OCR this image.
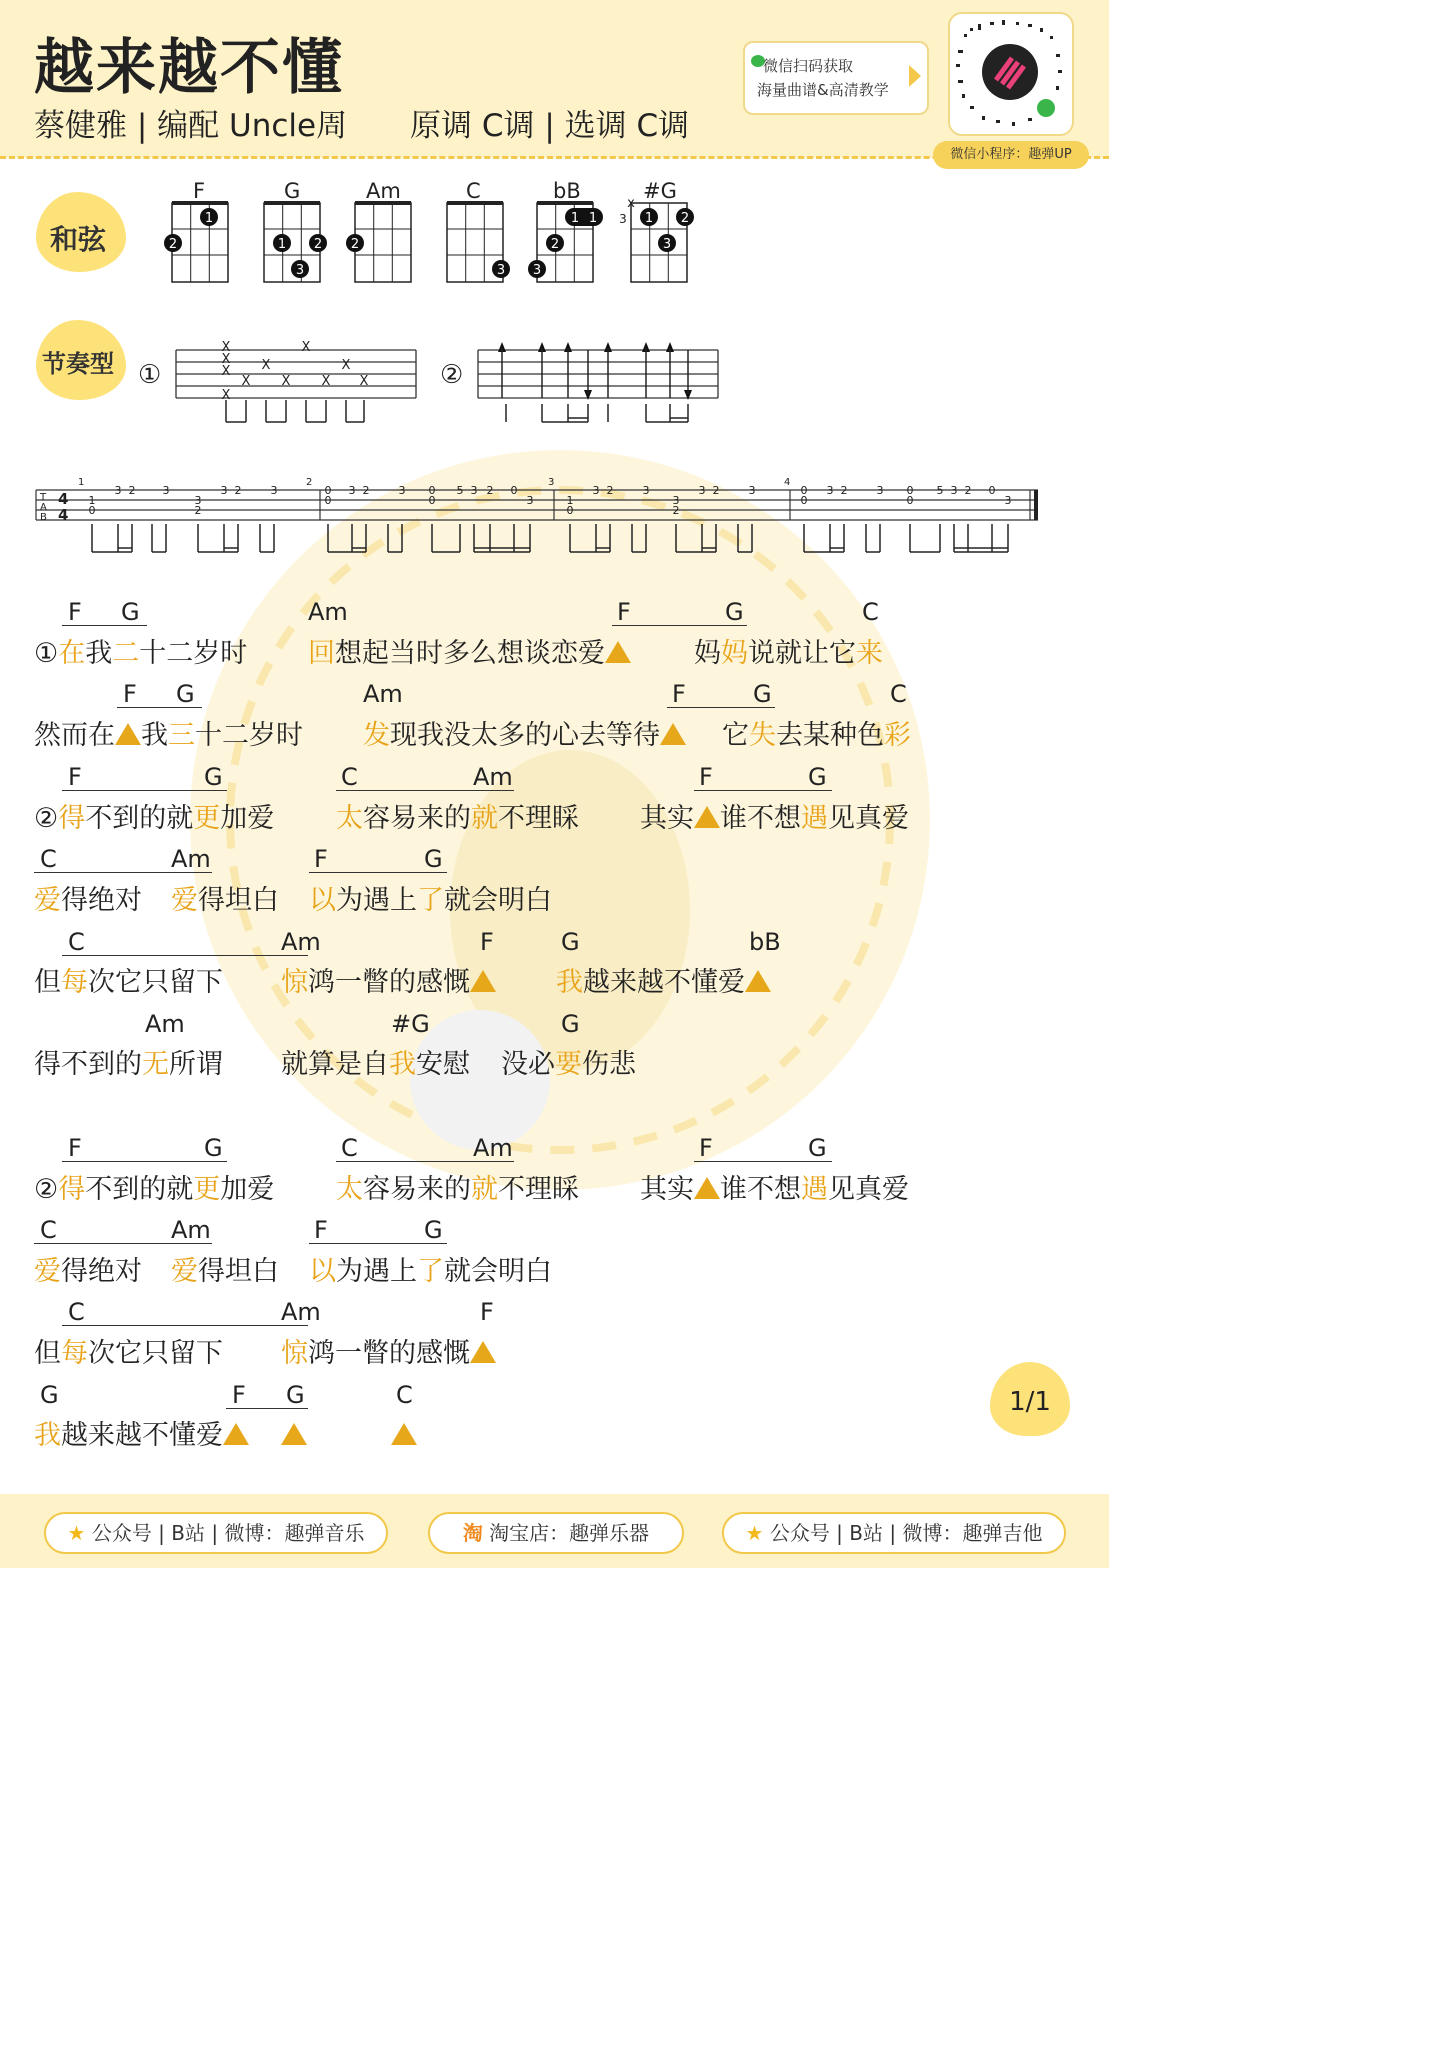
越来越不懂
蔡健雅 | 编配 Uncle周 原调 C调 | 选调 C调
微信扫码获取
海量曲谱&高清教学
微信小程序：趣弹UP
和弦
节奏型
F
1
2
G
1 2
3
Am
2
C
3
bB
1 1
2
3
#G
x
3 1 2
3
①
X
X
X
X
X
X
X
X
X
X
X	②
T
A
B
4
4
1	2	3	4
1
0
3 2 3
3
2
3 2	3	0
0
3 2	3 0
0
5 3 2 0
3	1
0
3 2	3
3
2
3 2	3	0
0
3 2	3 0
0
5 3 2 0
3
F G	Am	F	G	C
①在我二十二岁时 回想起当时多么想谈恋爱	妈妈说就让它来
F G	Am	F	G	C
然而在 我三十二岁时 发现我没太多的心去等待	它失去某种色彩
F	G	C	Am	F	G
②得不到的就更加爱 太容易来的就不理睬 其实 谁不想遇见真爱
C	Am	F	G
爱得绝对 爱得坦白 以为遇上了就会明白
C	Am	F	G	bB
但每次它只留下 惊鸿一瞥的感慨	我越来越不懂爱
Am	#G	G
得不到的无所谓 就算是自我安慰 没必要伤悲
F	G	C	Am	F	G
②得不到的就更加爱 太容易来的就不理睬 其实 谁不想遇见真爱
C	Am	F	G
爱得绝对 爱得坦白 以为遇上了就会明白
C	Am	F
但每次它只留下 惊鸿一瞥的感慨
G	F G	C
我越来越不懂爱
1/1
★ 公众号 | B站 | 微博：趣弹音乐	淘 淘宝店：趣弹乐器	★ 公众号 | B站 | 微博：趣弹吉他
